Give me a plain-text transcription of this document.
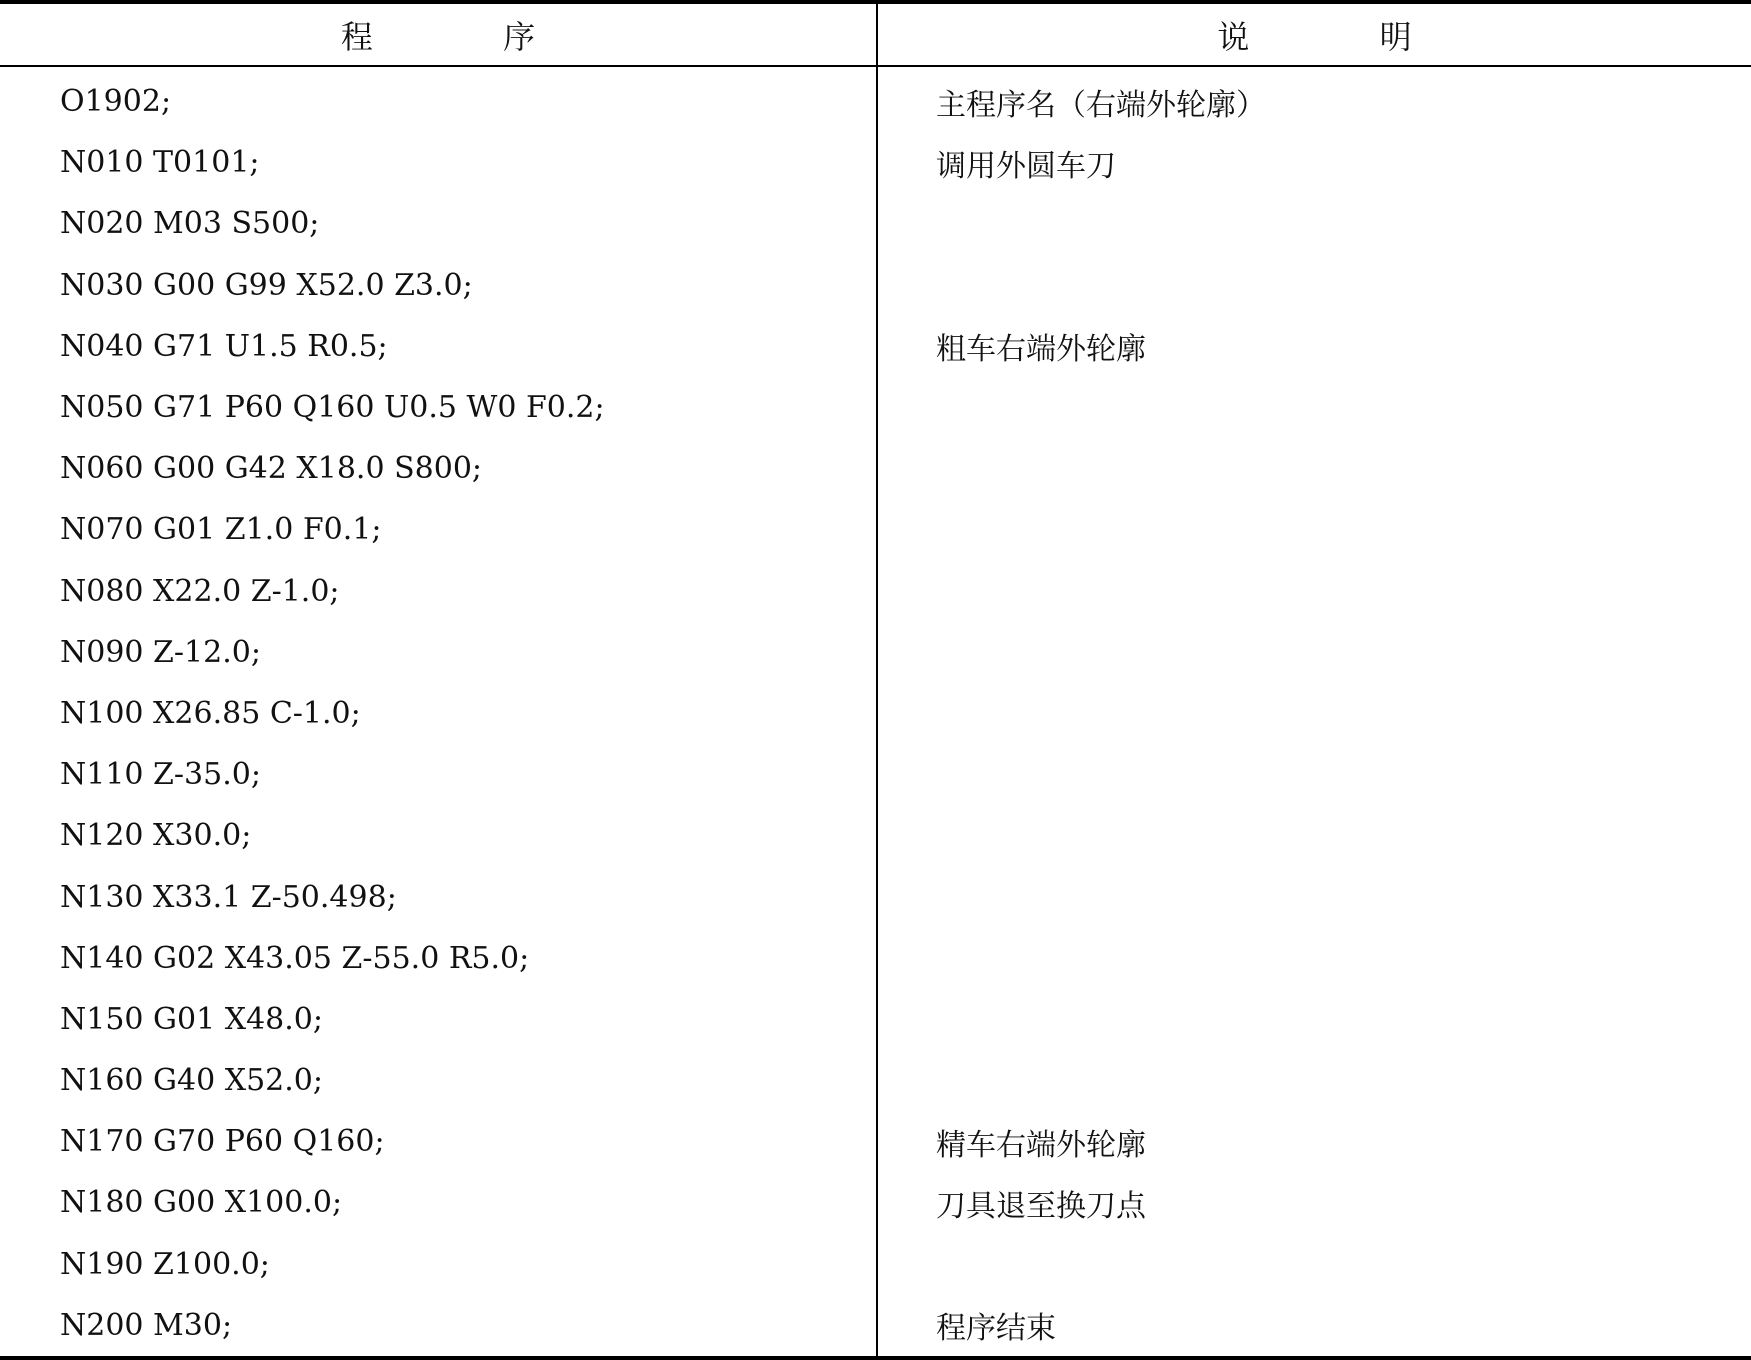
程 序	说 明
O1902;	主程序名（右端外轮廓）
N010 T0101;	调用外圆车刀
N020 M03 S500;	
N030 G00 G99 X52.0 Z3.0;	
N040 G71 U1.5 R0.5;	粗车右端外轮廓
N050 G71 P60 Q160 U0.5 W0 F0.2;	
N060 G00 G42 X18.0 S800;	
N070 G01 Z1.0 F0.1;	
N080 X22.0 Z-1.0;	
N090 Z-12.0;	
N100 X26.85 C-1.0;	
N110 Z-35.0;	
N120 X30.0;	
N130 X33.1 Z-50.498;	
N140 G02 X43.05 Z-55.0 R5.0;	
N150 G01 X48.0;	
N160 G40 X52.0;	
N170 G70 P60 Q160;	精车右端外轮廓
N180 G00 X100.0;	刀具退至换刀点
N190 Z100.0;	
N200 M30;	程序结束
